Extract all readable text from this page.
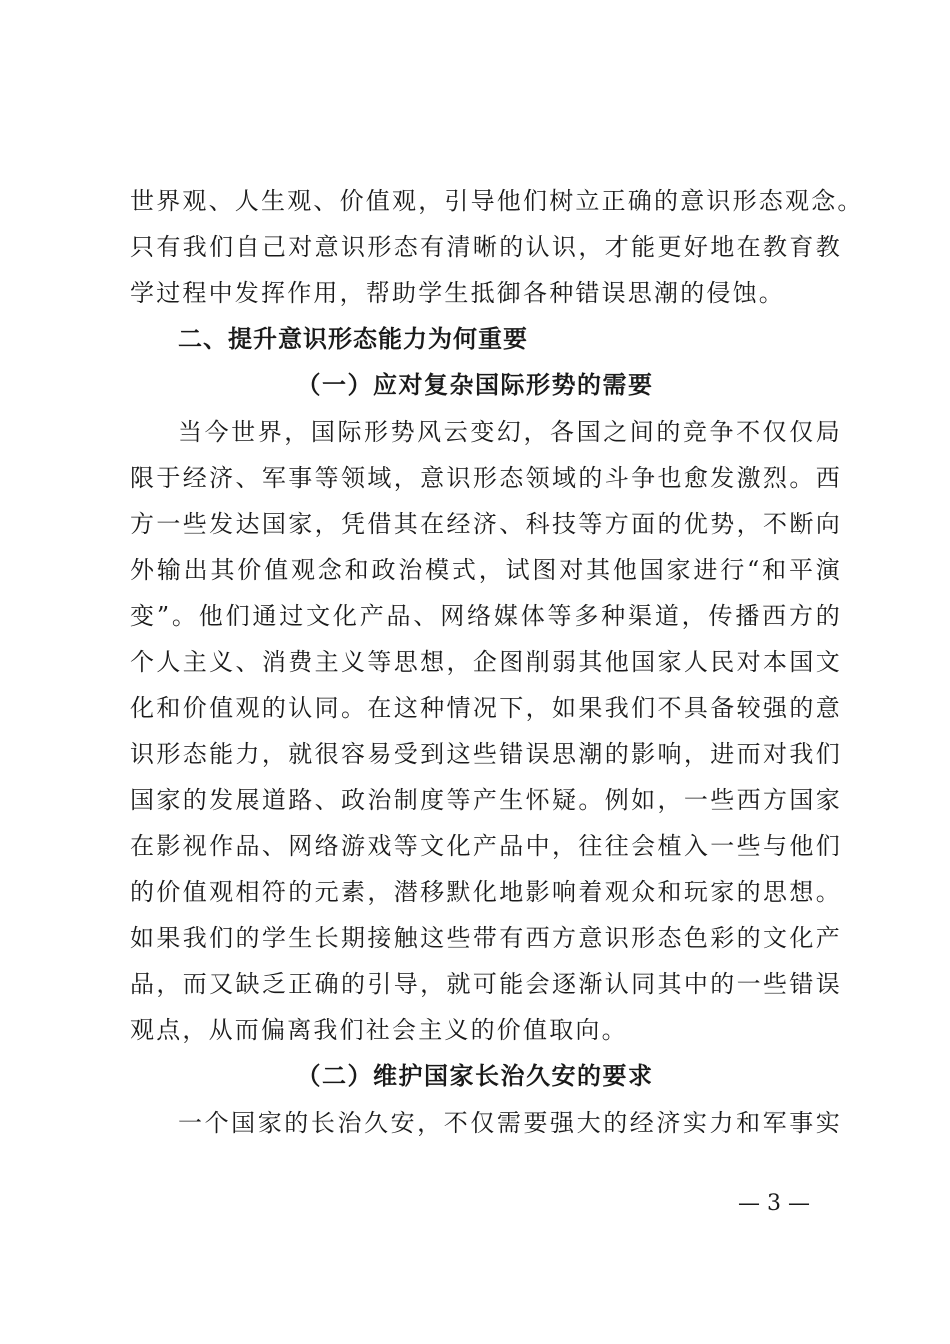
世界观、人生观、价值观，引导他们树立正确的意识形态观念。
只有我们自己对意识形态有清晰的认识，才能更好地在教育教
学过程中发挥作用，帮助学生抵御各种错误思潮的侵蚀。
二、提升意识形态能力为何重要
（一）应对复杂国际形势的需要
当今世界，国际形势风云变幻，各国之间的竞争不仅仅局
限于经济、军事等领域，意识形态领域的斗争也愈发激烈。西
方一些发达国家，凭借其在经济、科技等方面的优势，不断向
外输出其价值观念和政治模式，试图对其他国家进行“和平演
变”。他们通过文化产品、网络媒体等多种渠道，传播西方的
个人主义、消费主义等思想，企图削弱其他国家人民对本国文
化和价值观的认同。在这种情况下，如果我们不具备较强的意
识形态能力，就很容易受到这些错误思潮的影响，进而对我们
国家的发展道路、政治制度等产生怀疑。例如，一些西方国家
在影视作品、网络游戏等文化产品中，往往会植入一些与他们
的价值观相符的元素，潜移默化地影响着观众和玩家的思想。
如果我们的学生长期接触这些带有西方意识形态色彩的文化产
品，而又缺乏正确的引导，就可能会逐渐认同其中的一些错误
观点，从而偏离我们社会主义的价值取向。
（二）维护国家长治久安的要求
一个国家的长治久安，不仅需要强大的经济实力和军事实
— 3 —
